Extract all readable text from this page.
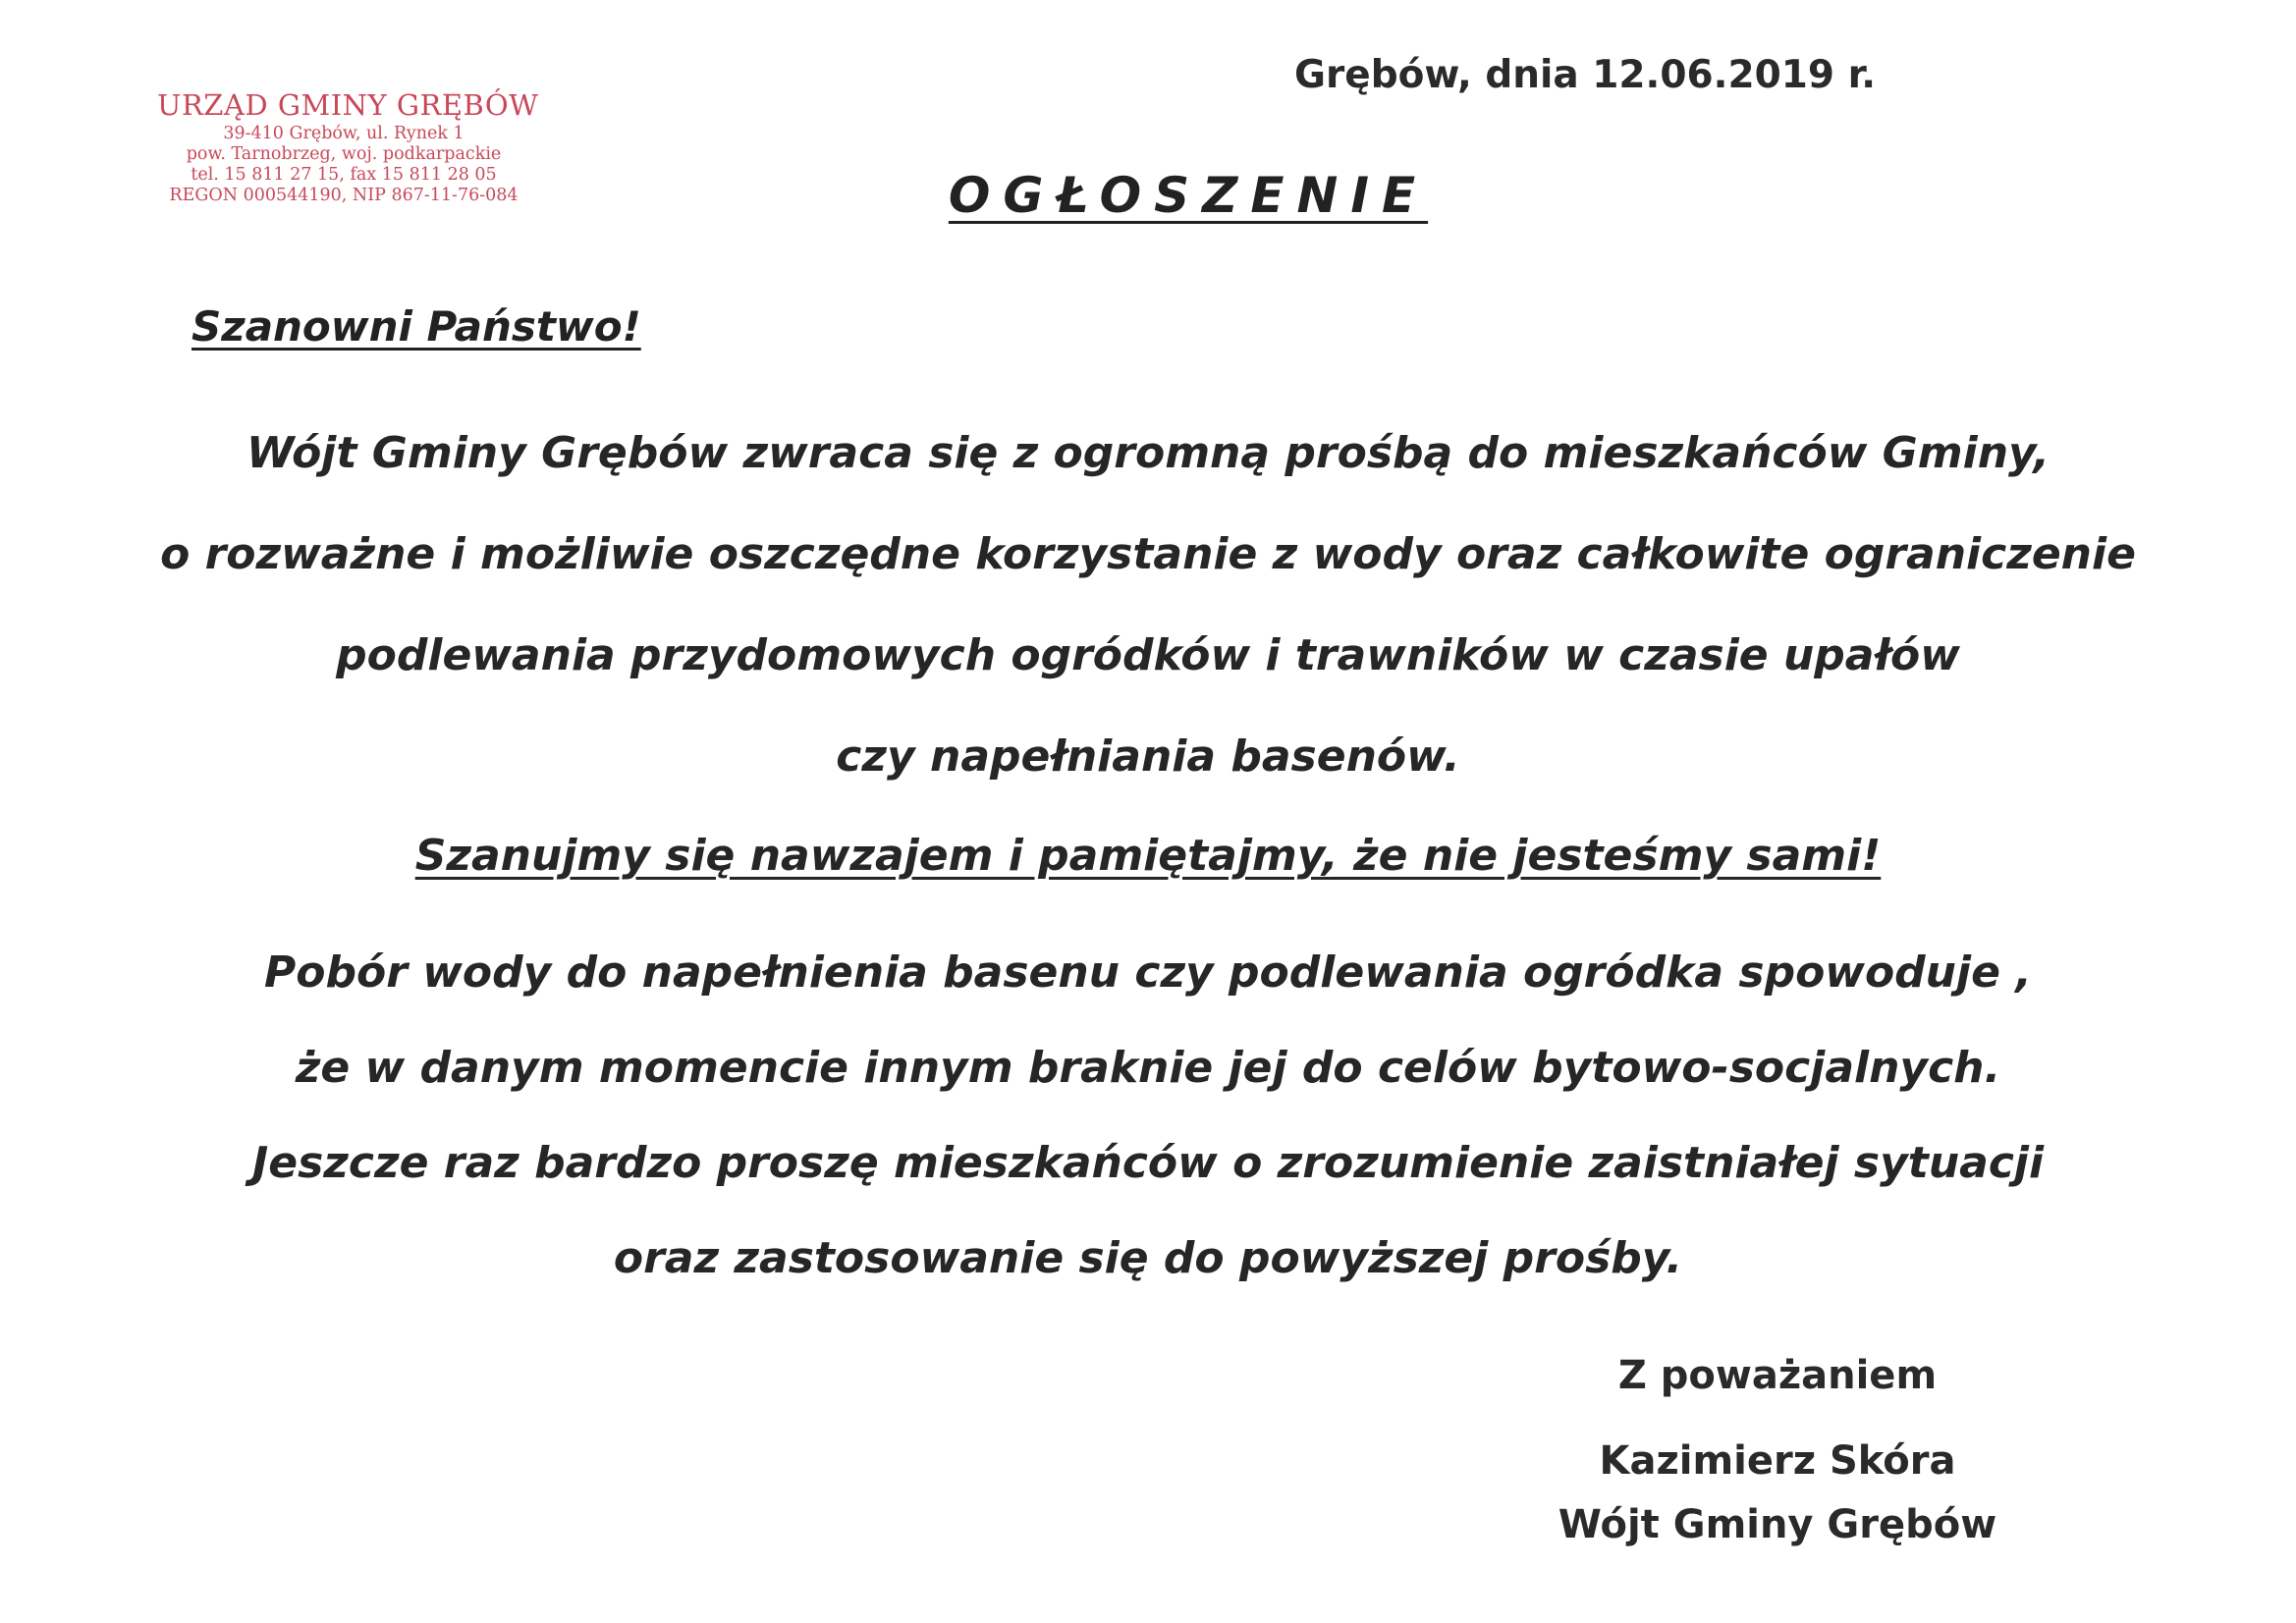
URZĄD GMINY GRĘBÓW
39-410 Grębów, ul. Rynek 1
pow. Tarnobrzeg, woj. podkarpackie
tel. 15 811 27 15, fax 15 811 28 05
REGON 000544190, NIP 867-11-76-084
Grębów, dnia 12.06.2019 r.
OGŁOSZENIE
Szanowni Państwo!
Wójt Gminy Grębów zwraca się z ogromną prośbą do mieszkańców Gminy,
o rozważne i możliwie oszczędne korzystanie z wody oraz całkowite ograniczenie
podlewania przydomowych ogródków i trawników w czasie upałów
czy napełniania basenów.
Szanujmy się nawzajem i pamiętajmy, że nie jesteśmy sami!
Pobór wody do napełnienia basenu czy podlewania ogródka spowoduje ,
że w danym momencie innym braknie jej do celów bytowo-socjalnych.
Jeszcze raz bardzo proszę mieszkańców o zrozumienie zaistniałej sytuacji
oraz zastosowanie się do powyższej prośby.
Z poważaniem
Kazimierz Skóra
Wójt Gminy Grębów
